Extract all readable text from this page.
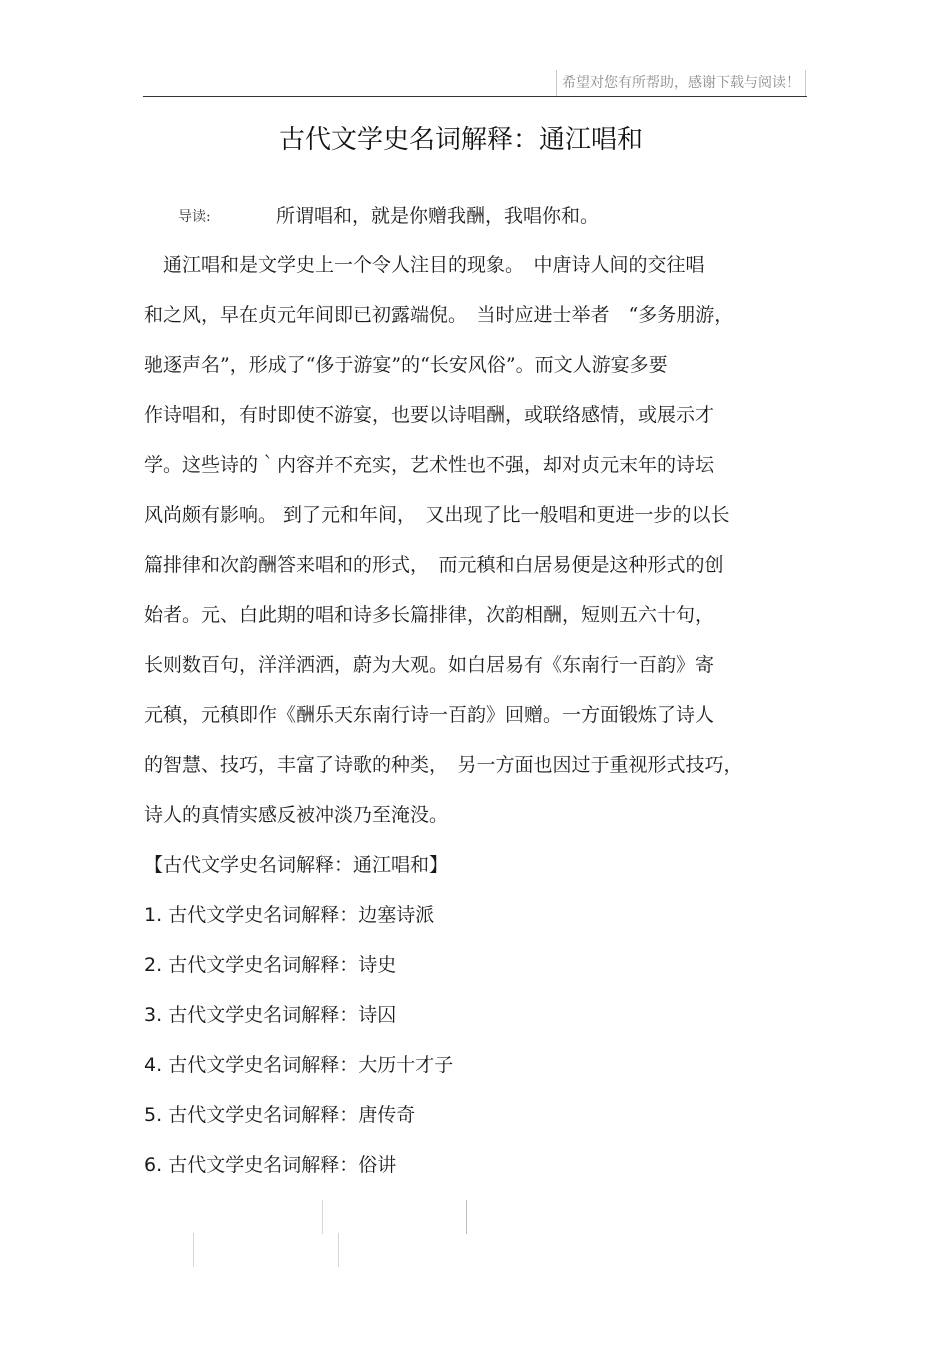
希望对您有所帮助，感谢下载与阅读！
古代文学史名词解释：通江唱和
导读:	所谓唱和，就是你赠我酬，我唱你和。
　通江唱和是文学史上一个令人注目的现象。　中唐诗人间的交往唱
和之风，早在贞元年间即已初露端倪。　当时应进士举者　“多务朋游，
驰逐声名”，形成了“侈于游宴”的“长安风俗”。而文人游宴多要
作诗唱和，有时即使不游宴，也要以诗唱酬，或联络感情，或展示才
学。这些诗的｀内容并不充实，艺术性也不强，却对贞元末年的诗坛
风尚颇有影响。 到了元和年间，　又出现了比一般唱和更进一步的以长
篇排律和次韵酬答来唱和的形式，　而元稹和白居易便是这种形式的创
始者。元、白此期的唱和诗多长篇排律，次韵相酬，短则五六十句，
长则数百句，洋洋洒洒，蔚为大观。如白居易有《东南行一百韵》寄
元稹，元稹即作《酬乐天东南行诗一百韵》回赠。一方面锻炼了诗人
的智慧、技巧，丰富了诗歌的种类，　另一方面也因过于重视形式技巧，
诗人的真情实感反被冲淡乃至淹没。
【古代文学史名词解释：通江唱和】
1. 古代文学史名词解释：边塞诗派
2. 古代文学史名词解释：诗史
3. 古代文学史名词解释：诗囚
4. 古代文学史名词解释：大历十才子
5. 古代文学史名词解释：唐传奇
6. 古代文学史名词解释：俗讲
